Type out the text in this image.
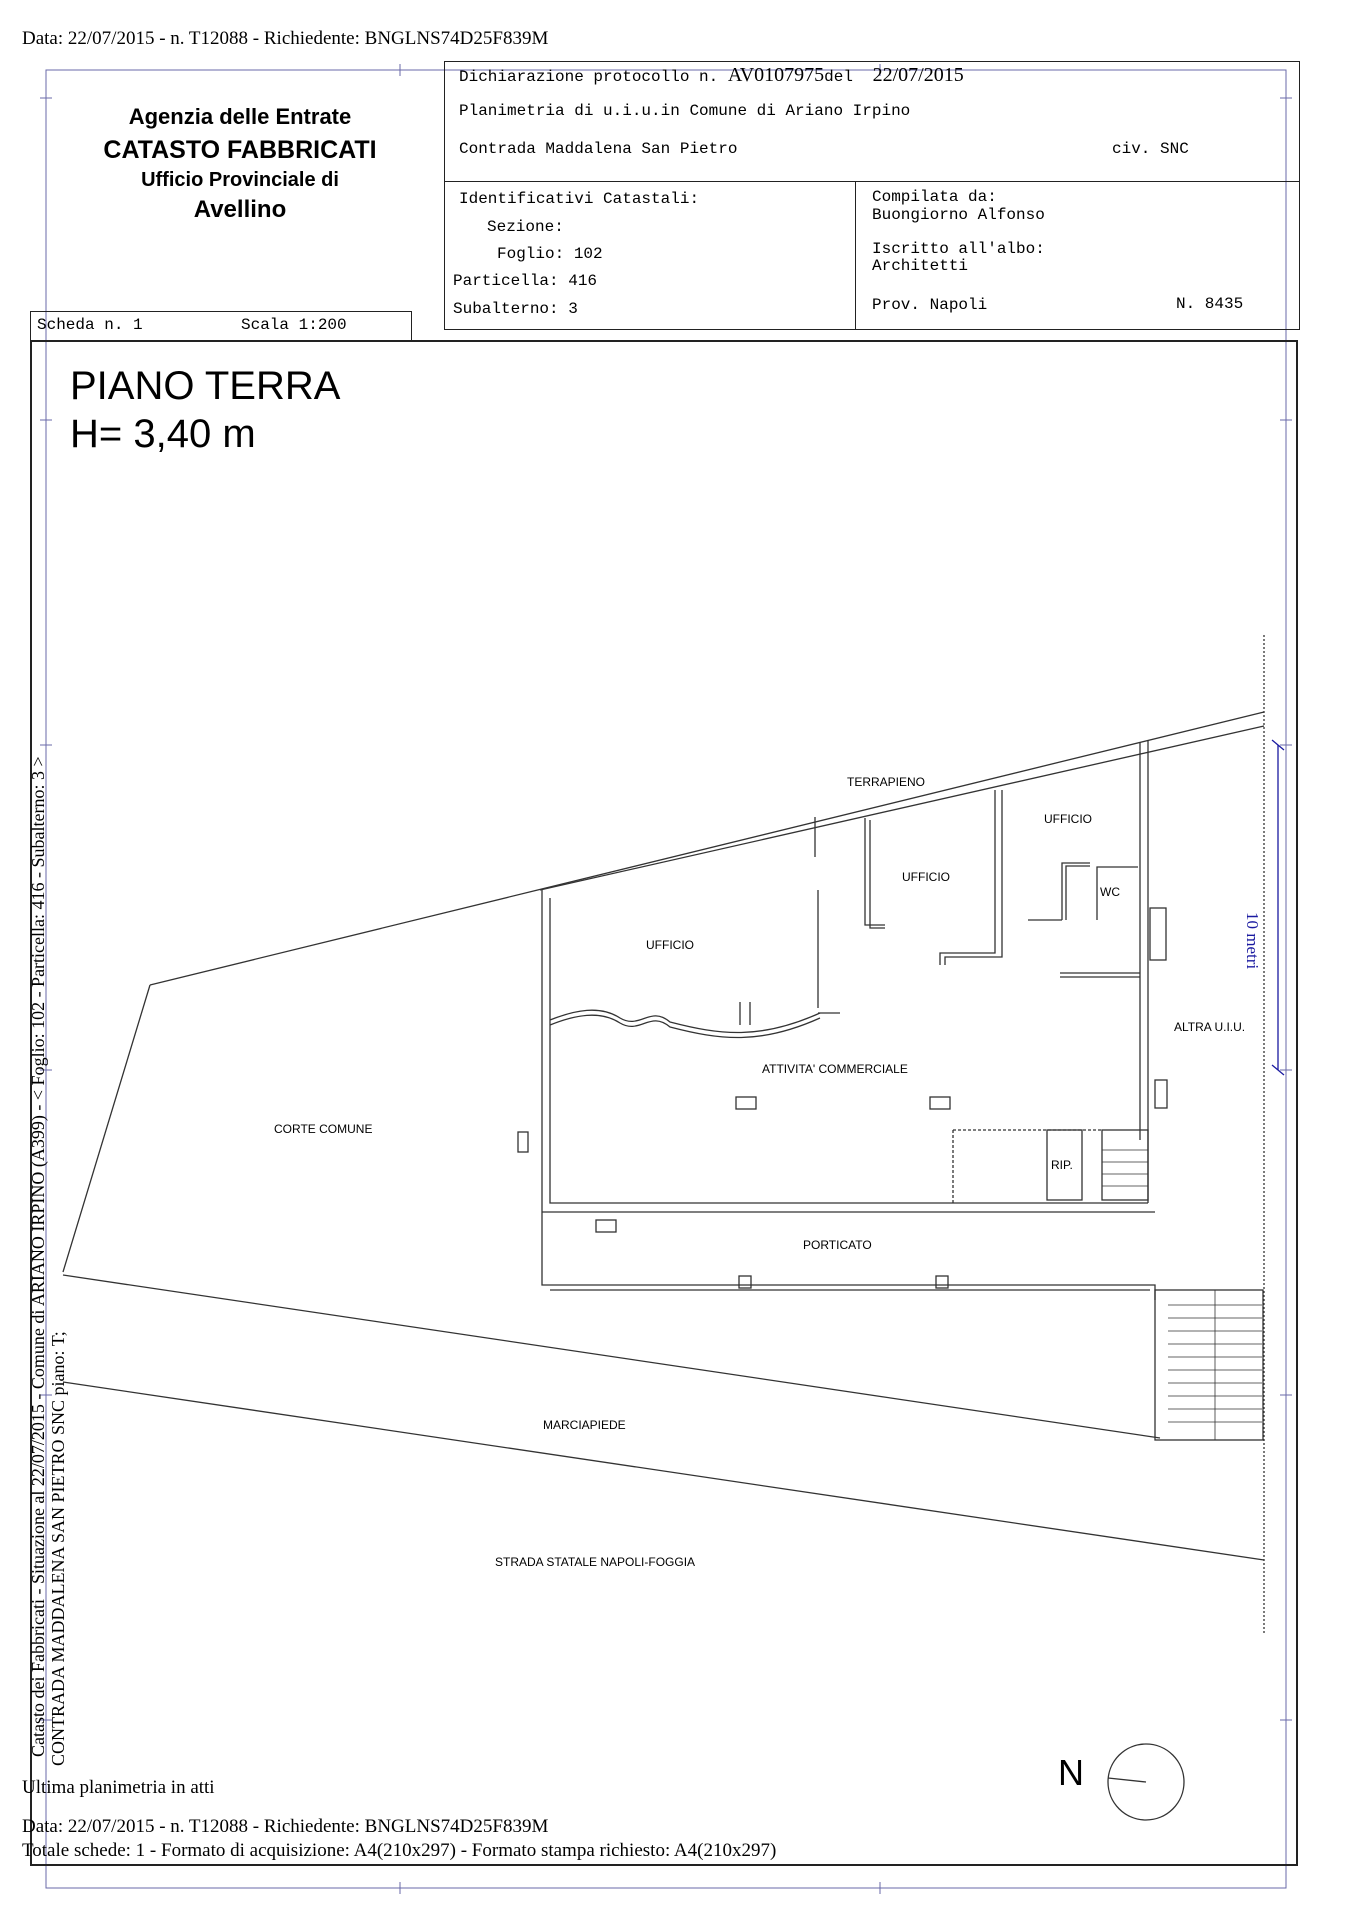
Data: 22/07/2015 - n. T12088 - Richiedente: BNGLNS74D25F839M
Agenzia delle Entrate
CATASTO FABBRICATI
Ufficio Provinciale di
Avellino
Dichiarazione protocollo n. AV0107975del 22/07/2015
Planimetria di u.i.u.in Comune di Ariano Irpino
Contrada Maddalena San Pietro	civ. SNC
Identificativi Catastali:
Sezione:
Foglio: 102
Particella: 416
Subalterno: 3
Compilata da:
Buongiorno Alfonso
Iscritto all'albo:
Architetti
Prov. Napoli	N. 8435
Scheda n. 1	Scala 1:200
PIANO TERRA
H= 3,40 m
TERRAPIENO
UFFICIO
UFFICIO
UFFICIO
WC
ATTIVITA' COMMERCIALE
ALTRA U.I.U.
CORTE COMUNE
RIP.
PORTICATO
MARCIAPIEDE
STRADA STATALE NAPOLI-FOGGIA
10 metri
N
Catasto dei Fabbricati - Situazione al 22/07/2015 - Comune di ARIANO IRPINO (A399) - < Foglio: 102 - Particella: 416 - Subalterno: 3 > CONTRADA MADDALENA SAN PIETRO SNC piano: T;
Ultima planimetria in atti
Data: 22/07/2015 - n. T12088 - Richiedente: BNGLNS74D25F839M
Totale schede: 1 - Formato di acquisizione: A4(210x297) - Formato stampa richiesto: A4(210x297)
